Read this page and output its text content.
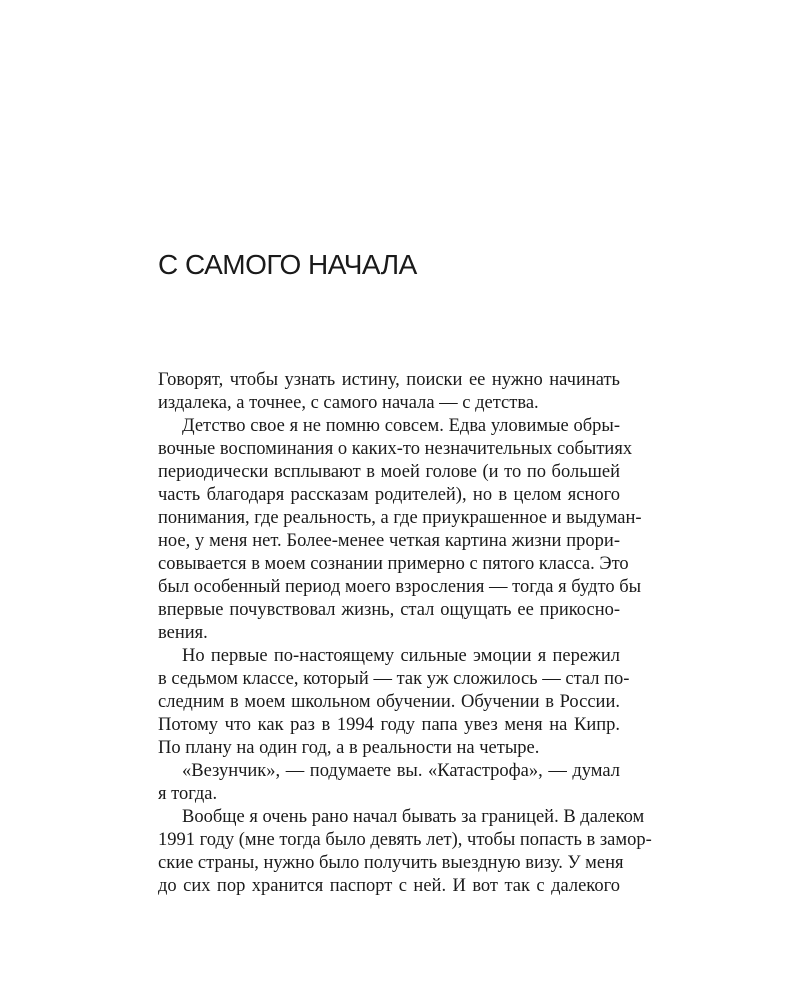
С САМОГО НАЧАЛА
Говорят, чтобы узнать истину, поиски ее нужно начинать
издалека, а точнее, с самого начала — с детства.
Детство свое я не помню совсем. Едва уловимые обры-
вочные воспоминания о каких-то незначительных событиях
периодически всплывают в моей голове (и то по большей
часть благодаря рассказам родителей), но в целом ясного
понимания, где реальность, а где приукрашенное и выдуман-
ное, у меня нет. Более-менее четкая картина жизни прори-
совывается в моем сознании примерно с пятого класса. Это
был особенный период моего взросления — тогда я будто бы
впервые почувствовал жизнь, стал ощущать ее прикосно-
вения.
Но первые по-настоящему сильные эмоции я пережил
в седьмом классе, который — так уж сложилось — стал по-
следним в моем школьном обучении. Обучении в России.
Потому что как раз в 1994 году папа увез меня на Кипр.
По плану на один год, а в реальности на четыре.
«Везунчик», — подумаете вы. «Катастрофа», — думал
я тогда.
Вообще я очень рано начал бывать за границей. В далеком
1991 году (мне тогда было девять лет), чтобы попасть в замор-
ские страны, нужно было получить выездную визу. У меня
до сих пор хранится паспорт с ней. И вот так с далекого
